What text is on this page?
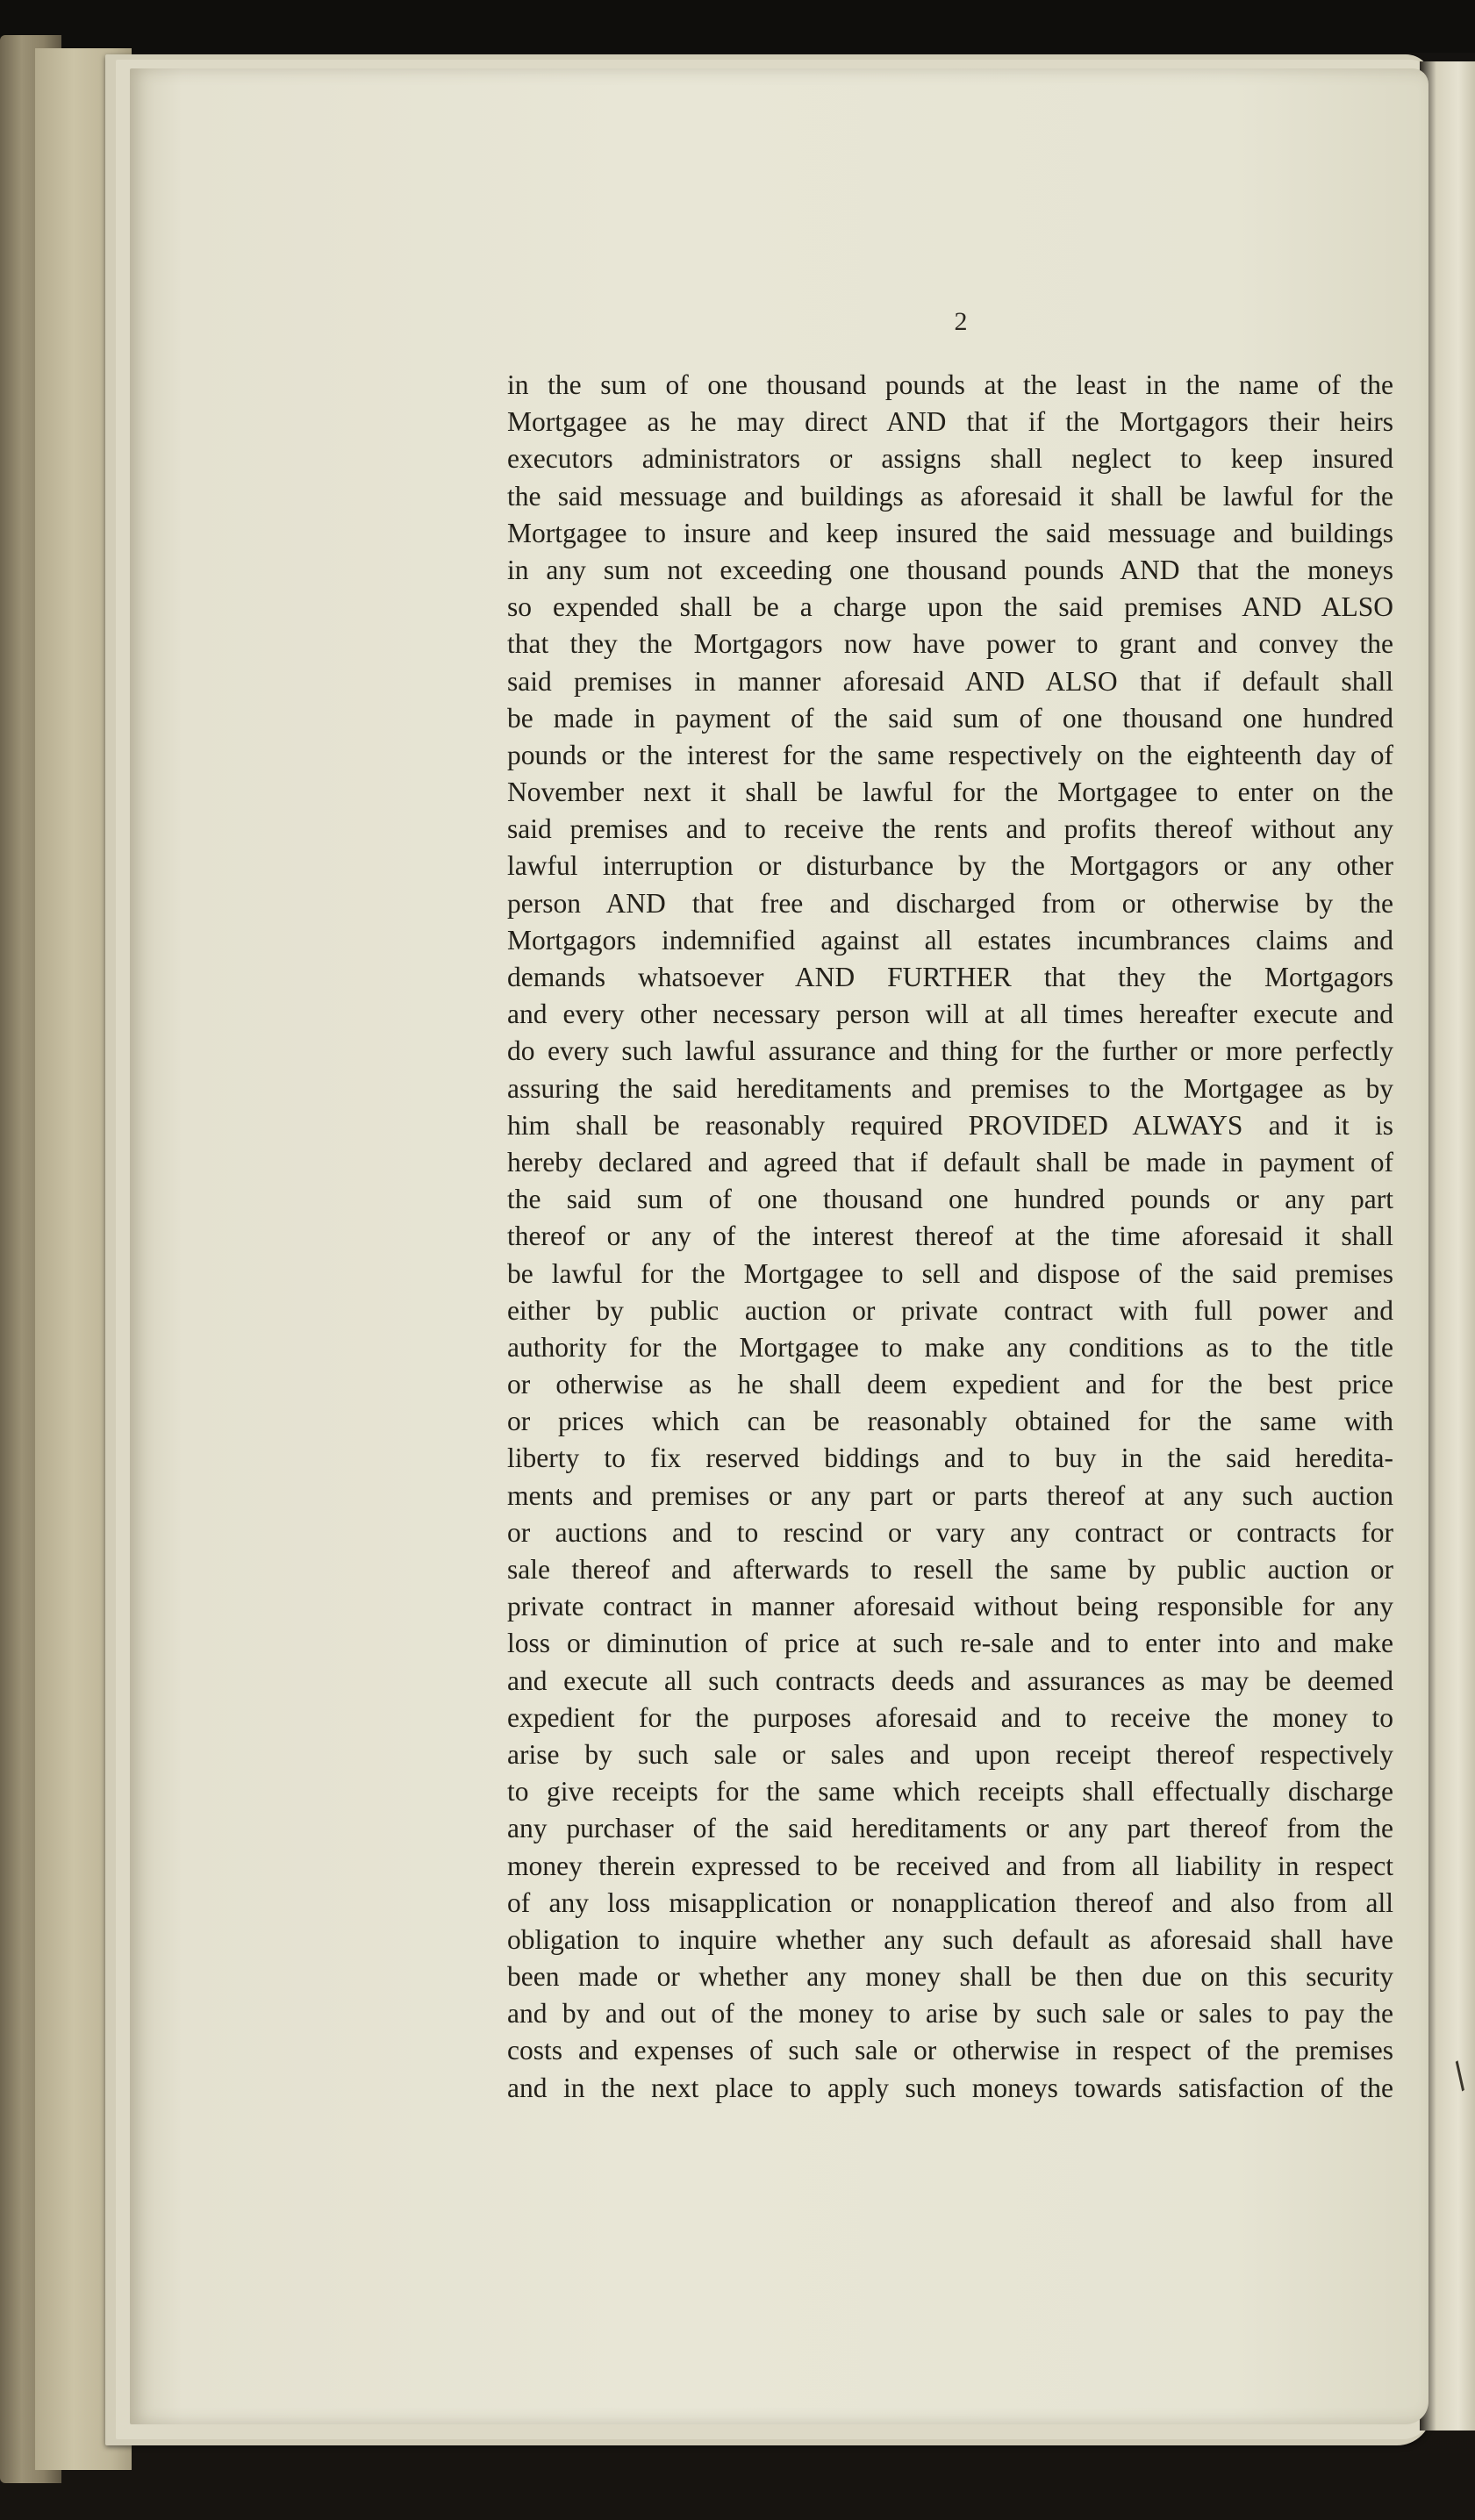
/
2
in the sum of one thousand pounds at the least in the name of the
Mortgagee as he may direct AND that if the Mortgagors their heirs
executors administrators or assigns shall neglect to keep insured
the said messuage and buildings as aforesaid it shall be lawful for the
Mortgagee to insure and keep insured the said messuage and buildings
in any sum not exceeding one thousand pounds AND that the moneys
so expended shall be a charge upon the said premises AND ALSO
that they the Mortgagors now have power to grant and convey the
said premises in manner aforesaid AND ALSO that if default shall
be made in payment of the said sum of one thousand one hundred
pounds or the interest for the same respectively on the eighteenth day of
November next it shall be lawful for the Mortgagee to enter on the
said premises and to receive the rents and profits thereof without any
lawful interruption or disturbance by the Mortgagors or any other
person AND that free and discharged from or otherwise by the
Mortgagors indemnified against all estates incumbrances claims and
demands whatsoever AND FURTHER that they the Mortgagors
and every other necessary person will at all times hereafter execute and
do every such lawful assurance and thing for the further or more perfectly
assuring the said hereditaments and premises to the Mortgagee as by
him shall be reasonably required PROVIDED ALWAYS and it is
hereby declared and agreed that if default shall be made in payment of
the said sum of one thousand one hundred pounds or any part
thereof or any of the interest thereof at the time aforesaid it shall
be lawful for the Mortgagee to sell and dispose of the said premises
either by public auction or private contract with full power and
authority for the Mortgagee to make any conditions as to the title
or otherwise as he shall deem expedient and for the best price
or prices which can be reasonably obtained for the same with
liberty to fix reserved biddings and to buy in the said heredita-
ments and premises or any part or parts thereof at any such auction
or auctions and to rescind or vary any contract or contracts for
sale thereof and afterwards to resell the same by public auction or
private contract in manner aforesaid without being responsible for any
loss or diminution of price at such re-sale and to enter into and make
and execute all such contracts deeds and assurances as may be deemed
expedient for the purposes aforesaid and to receive the money to
arise by such sale or sales and upon receipt thereof respectively
to give receipts for the same which receipts shall effectually discharge
any purchaser of the said hereditaments or any part thereof from the
money therein expressed to be received and from all liability in respect
of any loss misapplication or nonapplication thereof and also from all
obligation to inquire whether any such default as aforesaid shall have
been made or whether any money shall be then due on this security
and by and out of the money to arise by such sale or sales to pay the
costs and expenses of such sale or otherwise in respect of the premises
and in the next place to apply such moneys towards satisfaction of the
